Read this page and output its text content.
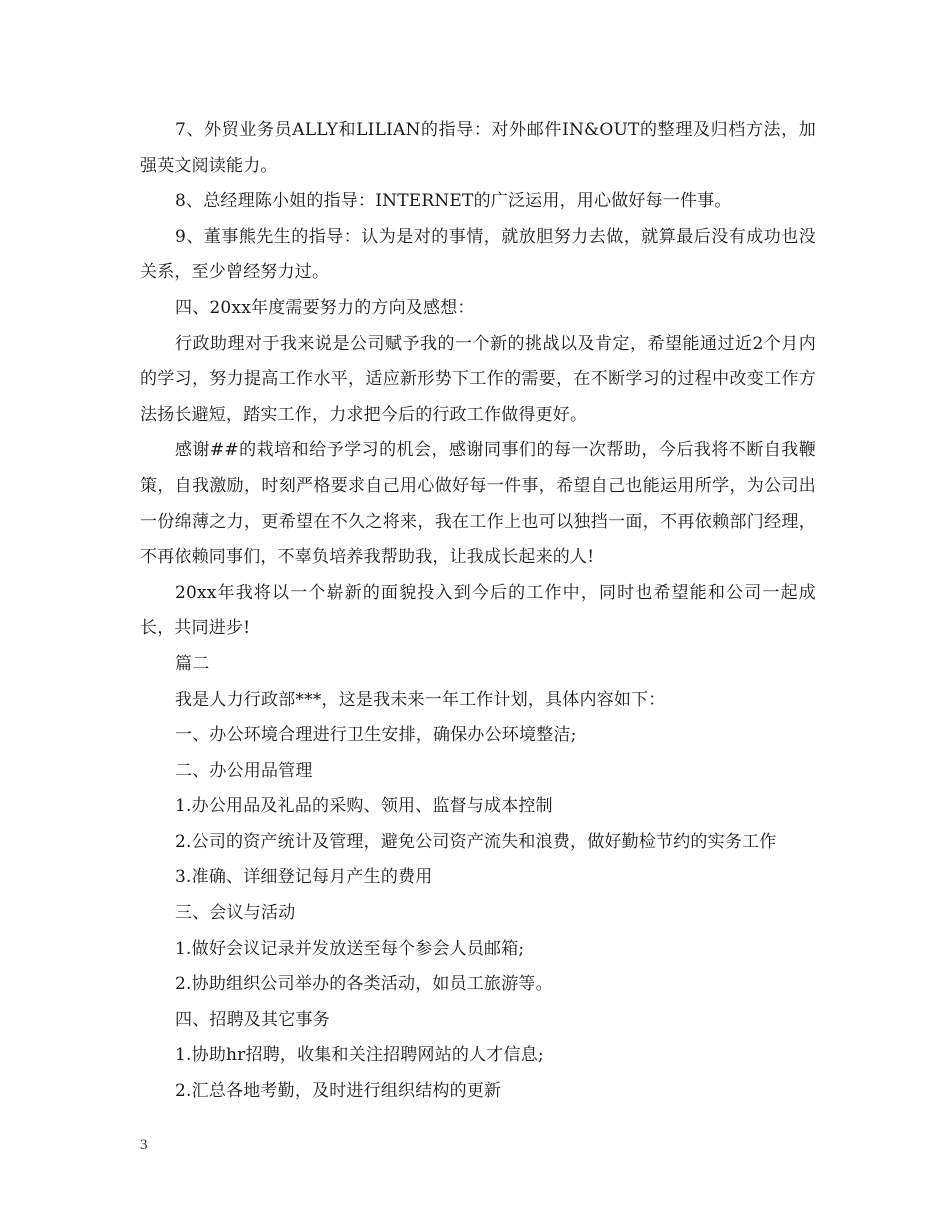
7、外贸业务员ALLY和LILIAN的指导：对外邮件IN&OUT的整理及归档方法，加强英文阅读能力。

8、总经理陈小姐的指导：INTERNET的广泛运用，用心做好每一件事。

9、董事熊先生的指导：认为是对的事情，就放胆努力去做，就算最后没有成功也没关系，至少曾经努力过。

四、20xx年度需要努力的方向及感想：

行政助理对于我来说是公司赋予我的一个新的挑战以及肯定，希望能通过近2个月内的学习，努力提高工作水平，适应新形势下工作的需要，在不断学习的过程中改变工作方法扬长避短，踏实工作，力求把今后的行政工作做得更好。

感谢##的栽培和给予学习的机会，感谢同事们的每一次帮助，今后我将不断自我鞭策，自我激励，时刻严格要求自己用心做好每一件事，希望自己也能运用所学，为公司出一份绵薄之力，更希望在不久之将来，我在工作上也可以独挡一面，不再依赖部门经理，不再依赖同事们，不辜负培养我帮助我，让我成长起来的人!

20xx年我将以一个崭新的面貌投入到今后的工作中，同时也希望能和公司一起成长，共同进步!

篇二

我是人力行政部***，这是我未来一年工作计划，具体内容如下：

一、办公环境合理进行卫生安排，确保办公环境整洁;

二、办公用品管理

1.办公用品及礼品的采购、领用、监督与成本控制

2.公司的资产统计及管理，避免公司资产流失和浪费，做好勤检节约的实务工作

3.准确、详细登记每月产生的费用

三、会议与活动

1.做好会议记录并发放送至每个参会人员邮箱;

2.协助组织公司举办的各类活动，如员工旅游等。

四、招聘及其它事务

1.协助hr招聘，收集和关注招聘网站的人才信息;

2.汇总各地考勤，及时进行组织结构的更新

3
